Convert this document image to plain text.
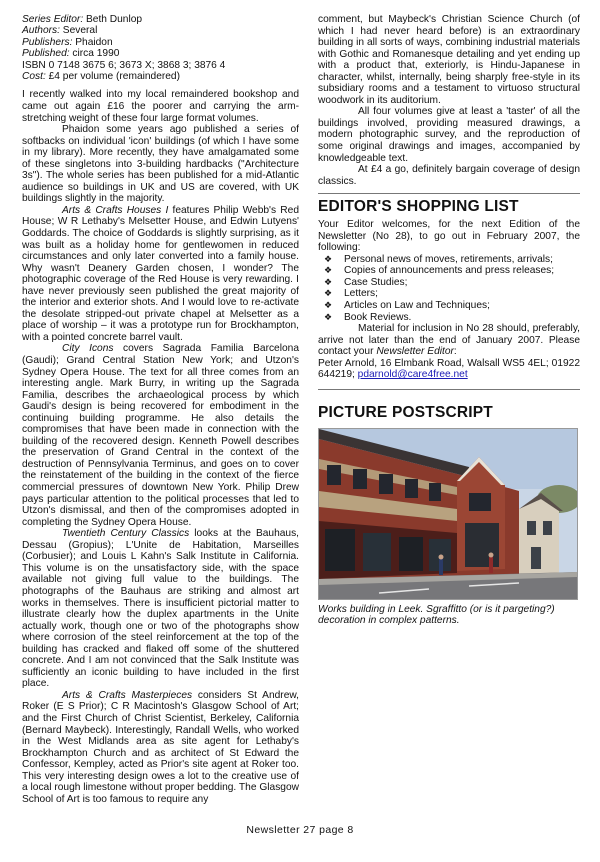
Series Editor: Beth Dunlop
Authors: Several
Publishers: Phaidon
Published: circa 1990
ISBN 0 7148 3675 6; 3673 X; 3868 3; 3876 4
Cost: £4 per volume (remaindered)

I recently walked into my local remaindered bookshop and came out again £16 the poorer and carrying the arm-stretching weight of these four large format volumes.

Phaidon some years ago published a series of softbacks on individual 'icon' buildings (of which I have some in my library). More recently, they have amalgamated some of these singletons into 3-building hardbacks ("Architecture 3s"). The whole series has been published for a mid-Atlantic audience so buildings in UK and US are covered, with UK buildings slightly in the majority.

Arts & Crafts Houses I features Philip Webb's Red House; W R Lethaby's Melsetter House, and Edwin Lutyens' Goddards. The choice of Goddards is slightly surprising, as it was built as a holiday home for gentlewomen in reduced circumstances and only later converted into a family house. Why wasn't Deanery Garden chosen, I wonder? The photographic coverage of the Red House is very rewarding. I have never previously seen published the great majority of the interior and exterior shots. And I would love to re-activate the desolate stripped-out private chapel at Melsetter as a place of worship – it was a prototype run for Brockhampton, with a pointed concrete barrel vault.

City Icons covers Sagrada Familia Barcelona (Gaudi); Grand Central Station New York; and Utzon's Sydney Opera House. The text for all three comes from an interesting angle. Mark Burry, in writing up the Sagrada Familia, describes the archaeological process by which Gaudi's design is being recovered for embodiment in the continuing building programme. He also details the compromises that have been made in connection with the building of the recovered design. Kenneth Powell describes the preservation of Grand Central in the context of the destruction of Pennsylvania Terminus, and goes on to cover the reinstatement of the building in the context of the fierce commercial pressures of downtown New York. Philip Drew pays particular attention to the political processes that led to Utzon's dismissal, and then of the compromises adopted in completing the Sydney Opera House.

Twentieth Century Classics looks at the Bauhaus, Dessau (Gropius); L'Unite de Habitation, Marseilles (Corbusier); and Louis L Kahn's Salk Institute in California. This volume is on the unsatisfactory side, with the space available not giving full value to the buildings. The photographs of the Bauhaus are striking and almost art works in themselves. There is insufficient pictorial matter to illustrate clearly how the duplex apartments in the Unite actually work, though one or two of the photographs show where corrosion of the steel reinforcement at the top of the building has cracked and flaked off some of the shuttered concrete. And I am not convinced that the Salk Institute was sufficiently an iconic building to have included in the first place.

Arts & Crafts Masterpieces considers St Andrew, Roker (E S Prior); C R Macintosh's Glasgow School of Art; and the First Church of Christ Scientist, Berkeley, California (Bernard Maybeck). Interestingly, Randall Wells, who worked in the West Midlands area as site agent for Lethaby's Brockhampton Church and as architect of St Edward the Confessor, Kempley, acted as Prior's site agent at Roker too. This very interesting design owes a lot to the creative use of a local rough limestone without proper bedding. The Glasgow School of Art is too famous to require any

comment, but Maybeck's Christian Science Church (of which I had never heard before) is an extraordinary building in all sorts of ways, combining industrial materials with Gothic and Romanesque detailing and yet ending up with a product that, exteriorly, is Hindu-Japanese in character, whilst, internally, being sharply free-style in its subsidiary rooms and a testament to virtuoso structural woodwork in its auditorium.

All four volumes give at least a 'taster' of all the buildings involved, providing measured drawings, a modern photographic survey, and the reproduction of some original drawings and images, accompanied by knowledgeable text.

At £4 a go, definitely bargain coverage of design classics.

EDITOR'S SHOPPING LIST
Your Editor welcomes, for the next Edition of the Newsletter (No 28), to go out in February 2007, the following:
❖ Personal news of moves, retirements, arrivals;
❖ Copies of announcements and press releases;
❖ Case Studies;
❖ Letters;
❖ Articles on Law and Techniques;
❖ Book Reviews.
Material for inclusion in No 28 should, preferably, arrive not later than the end of January 2007. Please contact your Newsletter Editor:
Peter Arnold, 16 Elmbank Road, Walsall WS5 4EL; 01922 644219; pdarnold@care4free.net
PICTURE POSTSCRIPT
Works building in Leek. Sgraffitto (or is it pargeting?) decoration in complex patterns.
Newsletter 27 page 8
